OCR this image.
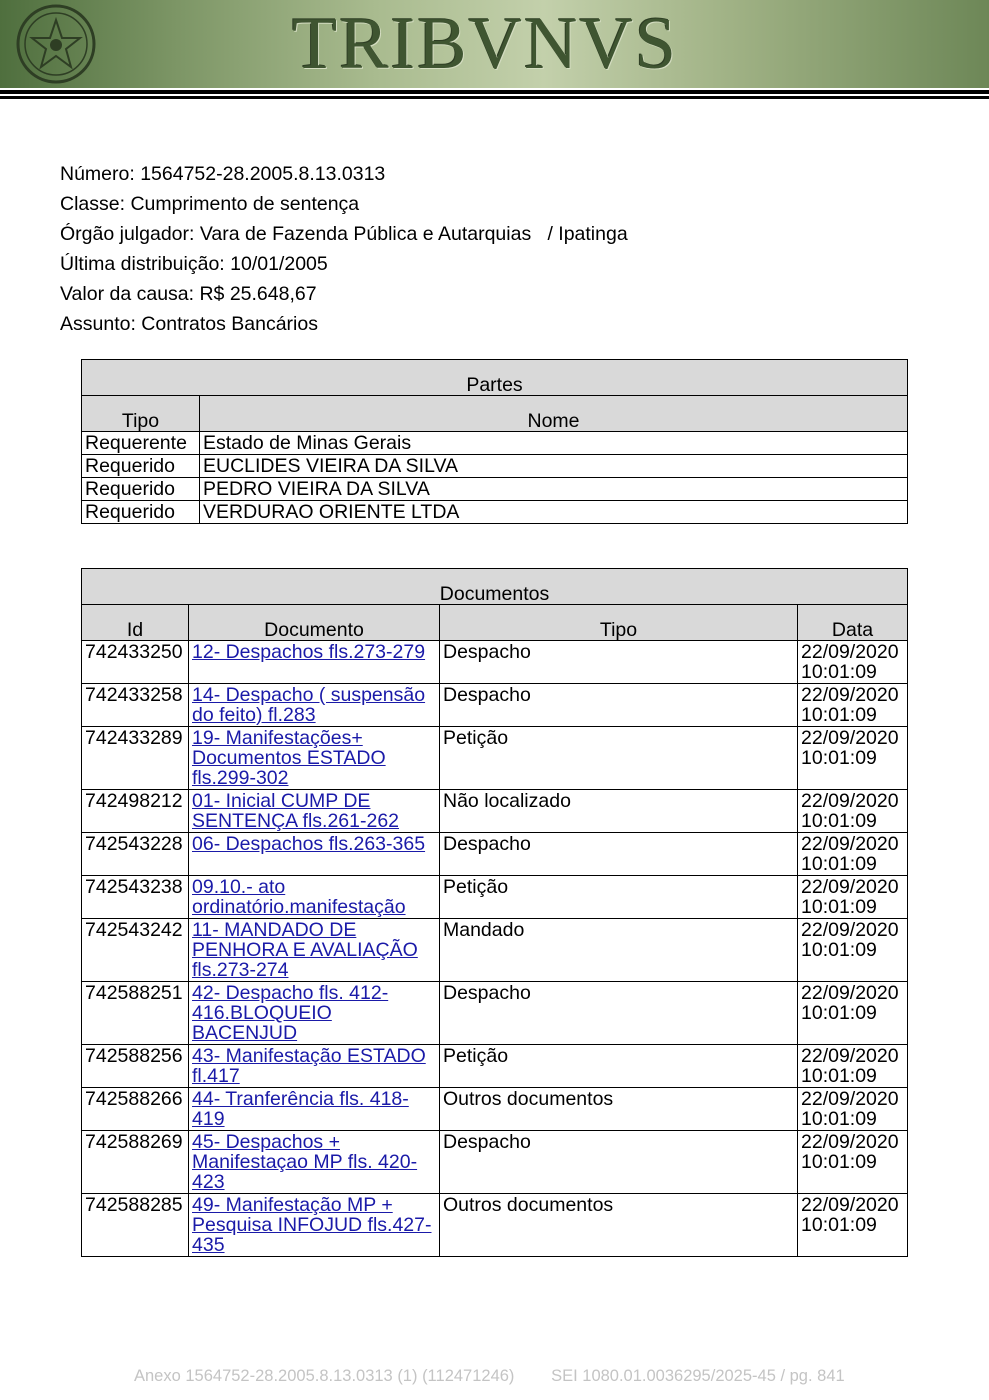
TRIBVNVS
Número: 1564752-28.2005.8.13.0313
Classe: Cumprimento de sentença
Órgão julgador: Vara de Fazenda Pública e Autarquias   / Ipatinga
Última distribuição: 10/01/2005
Valor da causa: R$ 25.648,67
Assunto: Contratos Bancários
Partes	
Tipo	Nome
Requerente	Estado de Minas Gerais
Requerido	EUCLIDES VIEIRA DA SILVA
Requerido	PEDRO VIEIRA DA SILVA
Requerido	VERDURAO ORIENTE LTDA
Documentos			
Id	Documento	Tipo	Data
742433250	12- Despachos fls.273-279	Despacho	22/09/2020 10:01:09
742433258	14- Despacho ( suspensão do feito) fl.283	Despacho	22/09/2020 10:01:09
742433289	19- Manifestações+ Documentos ESTADO fls.299-302	Petição	22/09/2020 10:01:09
742498212	01- Inicial CUMP DE SENTENÇA fls.261-262	Não localizado	22/09/2020 10:01:09
742543228	06- Despachos fls.263-365	Despacho	22/09/2020 10:01:09
742543238	09.10.- ato ordinatório.manifestação	Petição	22/09/2020 10:01:09
742543242	11- MANDADO DE PENHORA E AVALIAÇÃO fls.273-274	Mandado	22/09/2020 10:01:09
742588251	42- Despacho fls. 412-416.BLOQUEIO BACENJUD	Despacho	22/09/2020 10:01:09
742588256	43- Manifestação ESTADO fl.417	Petição	22/09/2020 10:01:09
742588266	44- Tranferência fls. 418-419	Outros documentos	22/09/2020 10:01:09
742588269	45- Despachos + Manifestaçao MP fls. 420-423	Despacho	22/09/2020 10:01:09
742588285	49- Manifestação MP + Pesquisa INFOJUD fls.427-435	Outros documentos	22/09/2020 10:01:09
Anexo 1564752-28.2005.8.13.0313 (1) (112471246)        SEI 1080.01.0036295/2025-45 / pg. 841
